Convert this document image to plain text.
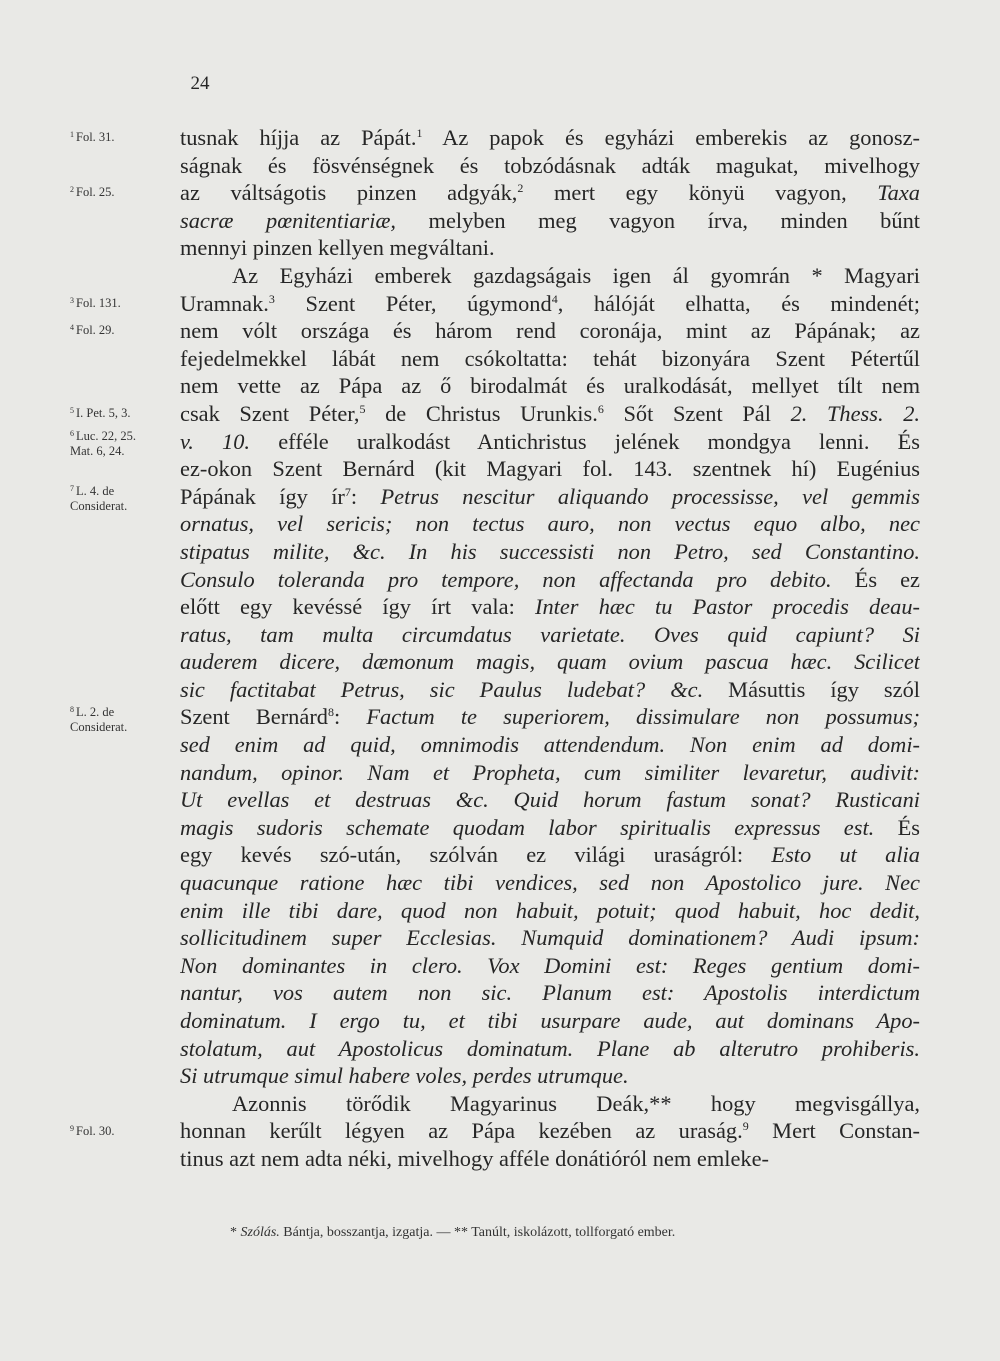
24
$^1$ Fol. 31.
$^2$ Fol. 25.
$^3$ Fol. 131.
$^4$ Fol. 29.
$^5$ I. Pet. 5, 3.
$^6$ Luc. 22, 25.
Mat. 6, 24.
$^7$ L. 4. de
Considerat.
$^8$ L. 2. de
Considerat.
$^9$ Fol. 30.
tusnak híjja az Pápát.$^1$ Az papok és egyházi emberekis az gonosz-
ságnak és fösvénségnek és tobzódásnak adták magukat, mivelhogy
az váltságotis pinzen adgyák,$^2$ mert egy könyü vagyon, Taxa
sacræ pœnitentiariæ, melyben meg vagyon írva, minden bűnt
mennyi pinzen kellyen megváltani.
Az Egyházi emberek gazdagságais igen ál gyomrán * Magyari
Uramnak.$^3$ Szent Péter, úgymond$^4$, hálóját elhatta, és mindenét;
nem vólt országa és három rend coronája, mint az Pápának; az
fejedelmekkel lábát nem csókoltatta: tehát bizonyára Szent Pétertűl
nem vette az Pápa az ő birodalmát és uralkodását, mellyet tílt nem
csak Szent Péter,$^5$ de Christus Urunkis.$^6$ Sőt Szent Pál 2. Thess. 2.
v. 10. efféle uralkodást Antichristus jelének mondgya lenni. És
ez-okon Szent Bernárd (kit Magyari fol. 143. szentnek hí) Eugénius
Pápának így $ír^7$: Petrus nescitur aliquando processisse, vel gemmis
ornatus, vel sericis; non tectus auro, non vectus equo albo, nec
stipatus milite, &c. In his successisti non Petro, sed Constantino.
Consulo toleranda pro tempore, non affectanda pro debito. És ez
előtt egy kevéssé így írt vala: Inter hæc tu Pastor procedis deau-
ratus, tam multa circumdatus varietate. Oves quid capiunt? Si
auderem dicere, dæmonum magis, quam ovium pascua hæc. Scilicet
sic factitabat Petrus, sic Paulus ludebat? &c. Másuttis így szól
Szent Bernárd$^8$: Factum te superiorem, dissimulare non possumus;
sed enim ad quid, omnimodis attendendum. Non enim ad domi-
nandum, opinor. Nam et Propheta, cum similiter levaretur, audivit:
Ut evellas et destruas &c. Quid horum fastum sonat? Rusticani
magis sudoris schemate quodam labor spiritualis expressus est. És
egy kevés szó-után, szólván ez világi uraságról: Esto ut alia
quacunque ratione hæc tibi vendices, sed non Apostolico jure. Nec
enim ille tibi dare, quod non habuit, potuit; quod habuit, hoc dedit,
sollicitudinem super Ecclesias. Numquid dominationem? Audi ipsum:
Non dominantes in clero. Vox Domini est: Reges gentium domi-
nantur, vos autem non sic. Planum est: Apostolis interdictum
dominatum. I ergo tu, et tibi usurpare aude, aut dominans Apo-
stolatum, aut Apostolicus dominatum. Plane ab alterutro prohiberis.
Si utrumque simul habere voles, perdes utrumque.
Azonnis törődik Magyarinus Deák,** hogy megvisgállya,
honnan kerűlt légyen az Pápa kezében az uraság.$^9$ Mert Constan-
tinus azt nem adta néki, mivelhogy afféle donátióról nem emleke-
* Szólás. Bántja, bosszantja, izgatja. — ** Tanúlt, iskolázott, tollforgató ember.
